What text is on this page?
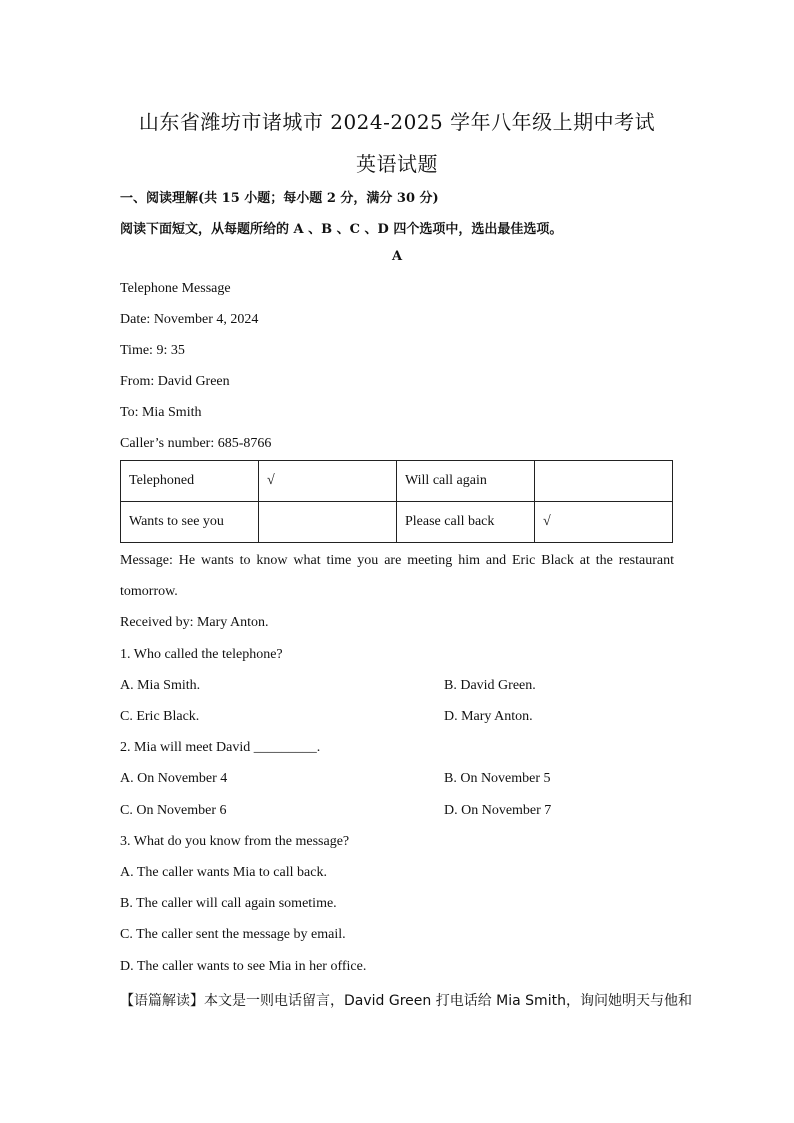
山东省潍坊市诸城市 2024-2025 学年八年级上期中考试
英语试题
一、阅读理解(共 15 小题；每小题 2 分，满分 30 分)
阅读下面短文，从每题所给的 A 、B 、C 、D 四个选项中，选出最佳选项。
A
Telephone Message
Date: November 4, 2024
Time: 9: 35
From: David Green
To: Mia Smith
Caller’s number: 685-8766
Telephoned	√	Will call again	
Wants to see you		Please call back	√
Message: He wants to know what time you are meeting him and Eric Black at the restaurant
tomorrow.
Received by: Mary Anton.
1. Who called the telephone?
A. Mia Smith.	B. David Green.
C. Eric Black.	D. Mary Anton.
2. Mia will meet David _________.
A. On November 4	B. On November 5
C. On November 6	D. On November 7
3. What do you know from the message?
A. The caller wants Mia to call back.
B. The caller will call again sometime.
C. The caller sent the message by email.
D. The caller wants to see Mia in her office.
【语篇解读】本文是一则电话留言，David Green 打电话给 Mia Smith，询问她明天与他和
